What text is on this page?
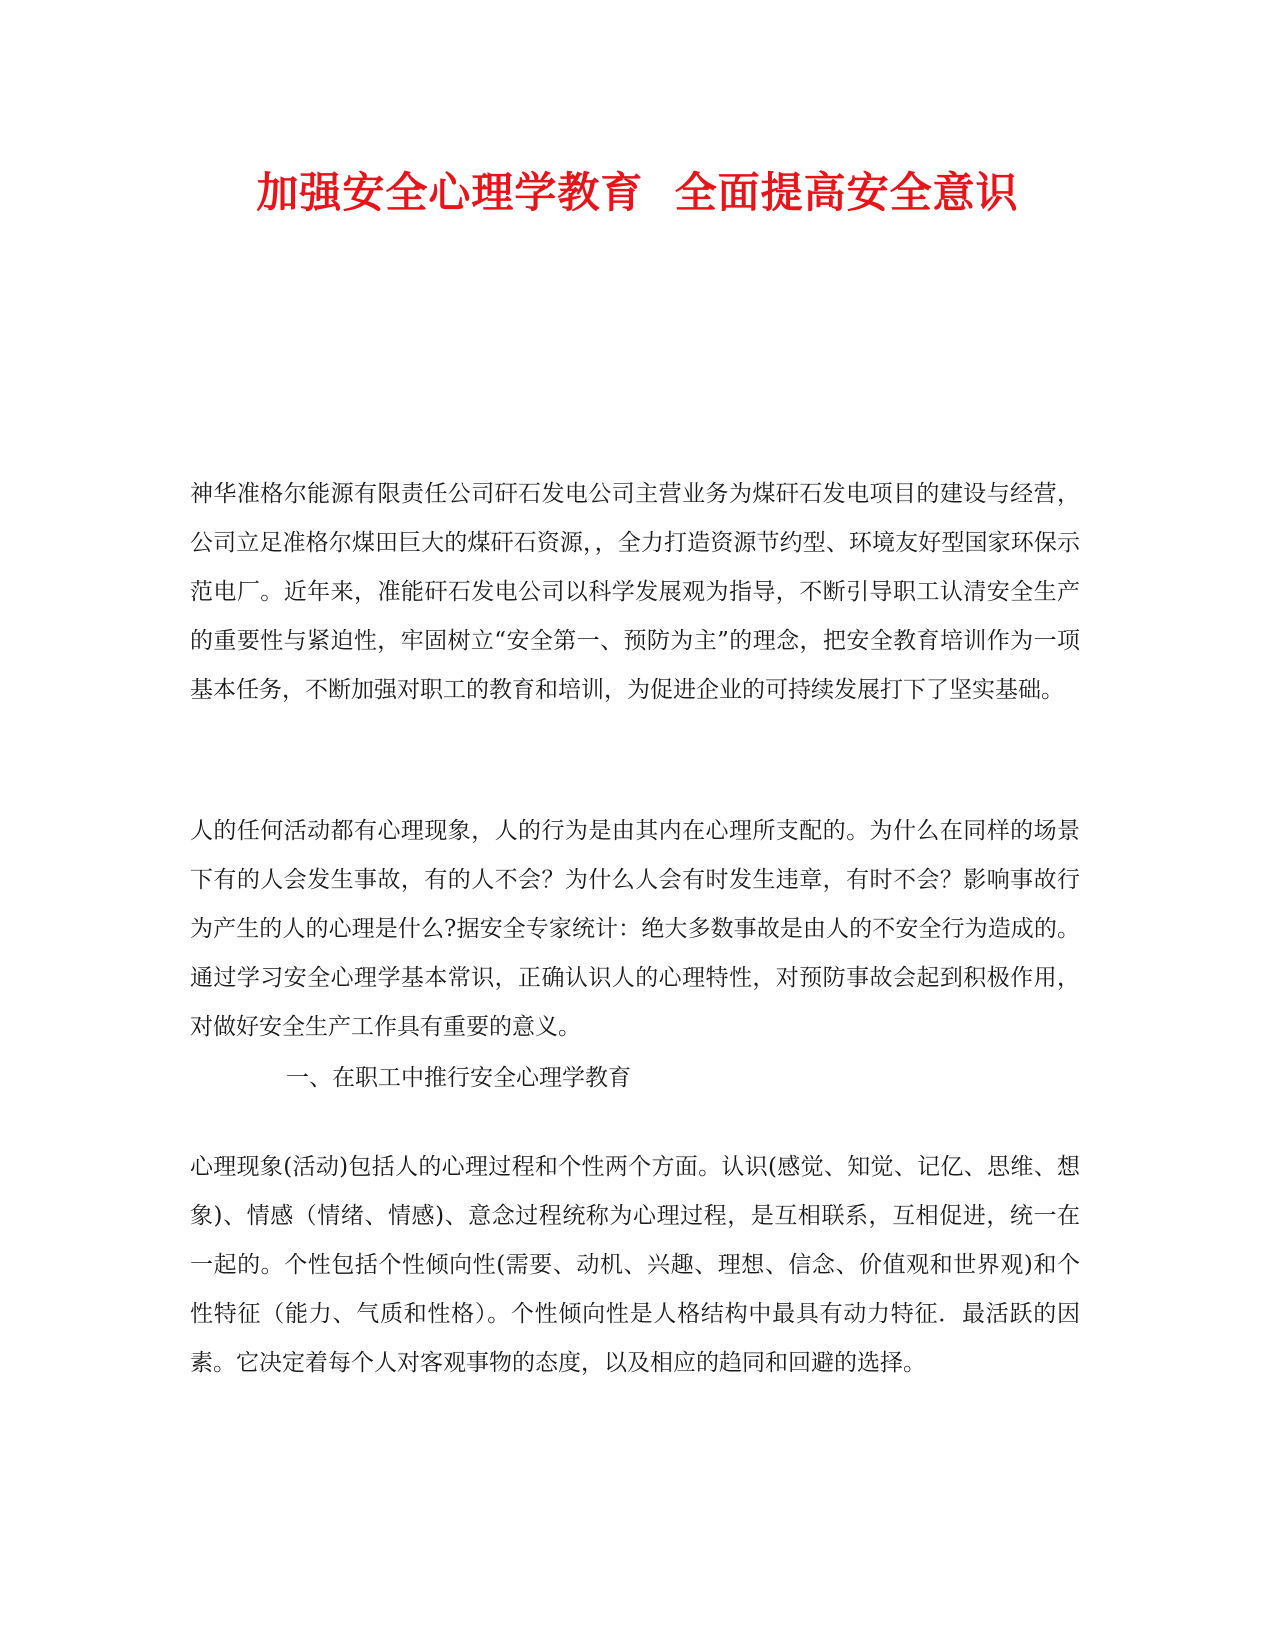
加强安全心理学教育  全面提高安全意识

神华准格尔能源有限责任公司矸石发电公司主营业务为煤矸石发电项目的建设与经营，公司立足准格尔煤田巨大的煤矸石资源，，全力打造资源节约型、环境友好型国家环保示范电厂。近年来，准能矸石发电公司以科学发展观为指导，不断引导职工认清安全生产的重要性与紧迫性，牢固树立“安全第一、预防为主”的理念，把安全教育培训作为一项基本任务，不断加强对职工的教育和培训，为促进企业的可持续发展打下了坚实基础。

人的任何活动都有心理现象，人的行为是由其内在心理所支配的。为什么在同样的场景下有的人会发生事故，有的人不会？为什么人会有时发生违章，有时不会？影响事故行为产生的人的心理是什么?据安全专家统计：绝大多数事故是由人的不安全行为造成的。通过学习安全心理学基本常识，正确认识人的心理特性，对预防事故会起到积极作用，对做好安全生产工作具有重要的意义。

一、在职工中推行安全心理学教育

心理现象(活动)包括人的心理过程和个性两个方面。认识(感觉、知觉、记亿、思维、想象)、情感（情绪、情感)、意念过程统称为心理过程，是互相联系，互相促进，统一在一起的。个性包括个性倾向性(需要、动机、兴趣、理想、信念、价值观和世界观)和个性特征（能力、气质和性格）。个性倾向性是人格结构中最具有动力特征．最活跃的因素。它决定着每个人对客观事物的态度，以及相应的趋同和回避的选择。
